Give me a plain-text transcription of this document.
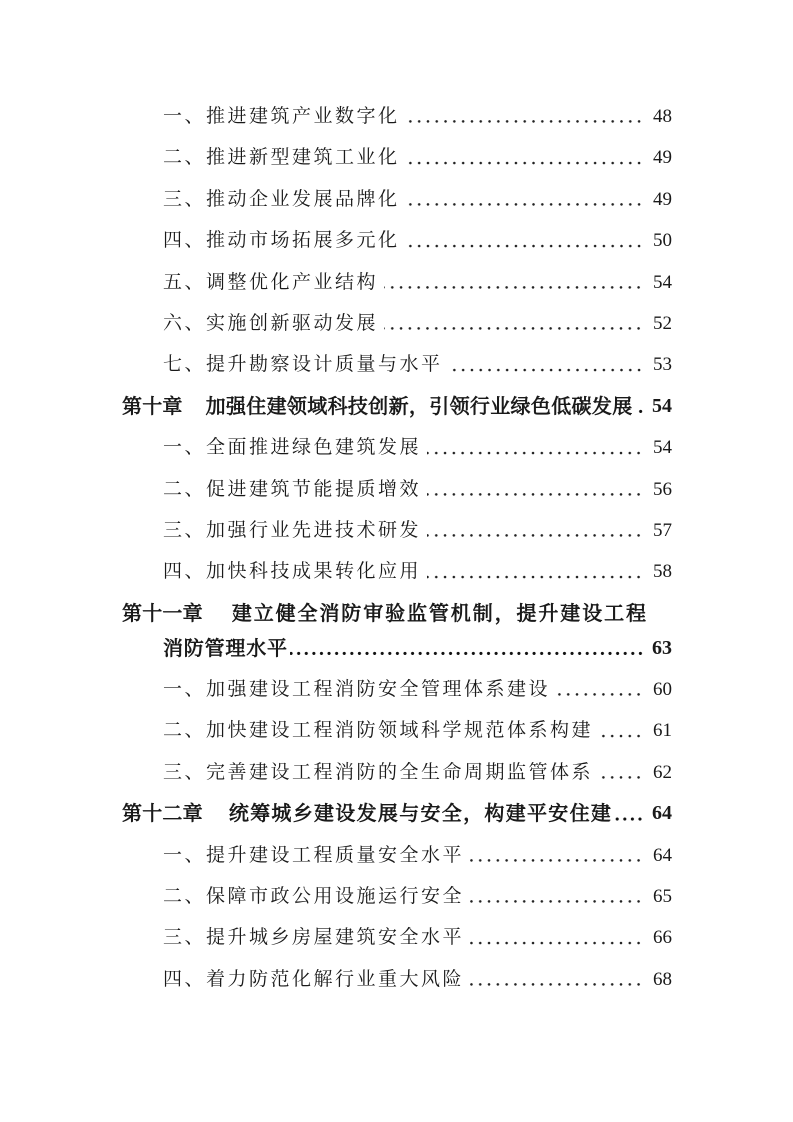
一、推进建筑产业数字化	48
二、推进新型建筑工业化	49
三、推动企业发展品牌化	49
四、推动市场拓展多元化	50
五、调整优化产业结构	54
六、实施创新驱动发展	52
七、提升勘察设计质量与水平	53
第十章 加强住建领域科技创新，引领行业绿色低碳发展 54
一、全面推进绿色建筑发展	54
二、促进建筑节能提质增效	56
三、加强行业先进技术研发	57
四、加快科技成果转化应用	58
第十一章 建立健全消防审验监管机制，提升建设工程
消防管理水平	63
一、加强建设工程消防安全管理体系建设	60
二、加快建设工程消防领域科学规范体系构建	61
三、完善建设工程消防的全生命周期监管体系	62
第十二章 统筹城乡建设发展与安全，构建平安住建 64
一、提升建设工程质量安全水平	64
二、保障市政公用设施运行安全	65
三、提升城乡房屋建筑安全水平	66
四、着力防范化解行业重大风险	68
